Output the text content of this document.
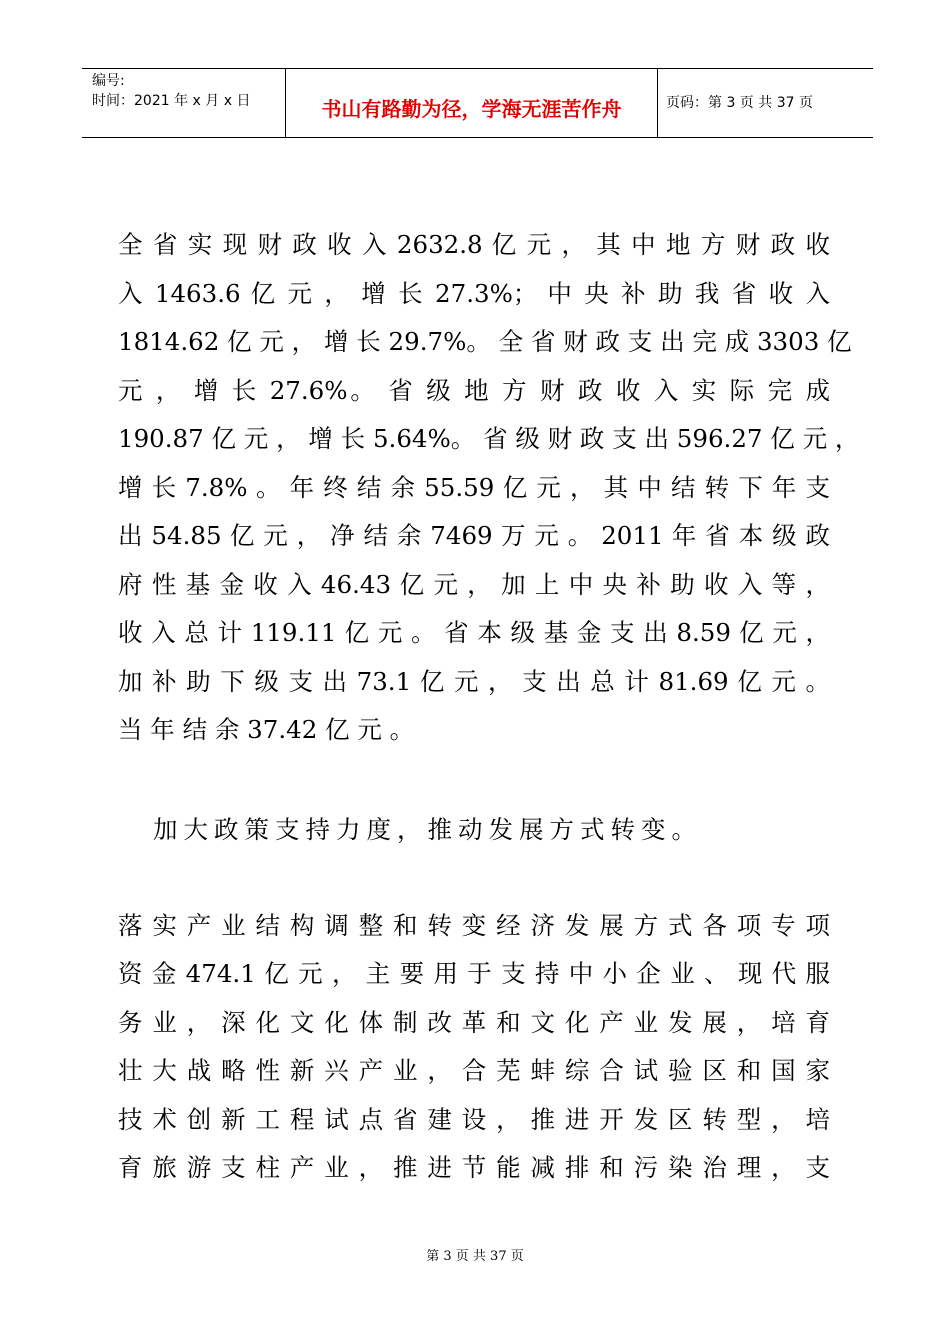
编号:
时间：2021 年 x 月 x 日	书山有路勤为径，学海无涯苦作舟	页码：第 3 页 共 37 页
全 省 实 现 财 政 收 入 2632.8 亿 元 ， 其 中 地 方 财 政 收
入 1463.6 亿 元 ， 增 长 27.3%； 中 央 补 助 我 省 收 入
1814.62 亿 元 ， 增 长 29.7%。 全 省 财 政 支 出 完 成 3303 亿
元 ， 增 长 27.6%。 省 级 地 方 财 政 收 入 实 际 完 成
190.87 亿 元 ， 增 长 5.64%。 省 级 财 政 支 出 596.27 亿 元 ，
增 长 7.8% 。 年 终 结 余 55.59 亿 元 ， 其 中 结 转 下 年 支
出 54.85 亿 元 ， 净 结 余 7469 万 元 。 2011 年 省 本 级 政
府 性 基 金 收 入 46.43 亿 元 ， 加 上 中 央 补 助 收 入 等 ，
收 入 总 计 119.11 亿 元 。 省 本 级 基 金 支 出 8.59 亿 元 ，
加 补 助 下 级 支 出 73.1 亿 元 ， 支 出 总 计 81.69 亿 元 。
当 年 结 余 37.42 亿 元 。
加大政策支持力度，推动发展方式转变。
落 实 产 业 结 构 调 整 和 转 变 经 济 发 展 方 式 各 项 专 项
资 金 474.1 亿 元 ， 主 要 用 于 支 持 中 小 企 业 、 现 代 服
务 业 ， 深 化 文 化 体 制 改 革 和 文 化 产 业 发 展 ， 培 育
壮 大 战 略 性 新 兴 产 业 ， 合 芜 蚌 综 合 试 验 区 和 国 家
技 术 创 新 工 程 试 点 省 建 设 ， 推 进 开 发 区 转 型 ， 培
育 旅 游 支 柱 产 业 ， 推 进 节 能 减 排 和 污 染 治 理 ， 支
第 3 页 共 37 页
